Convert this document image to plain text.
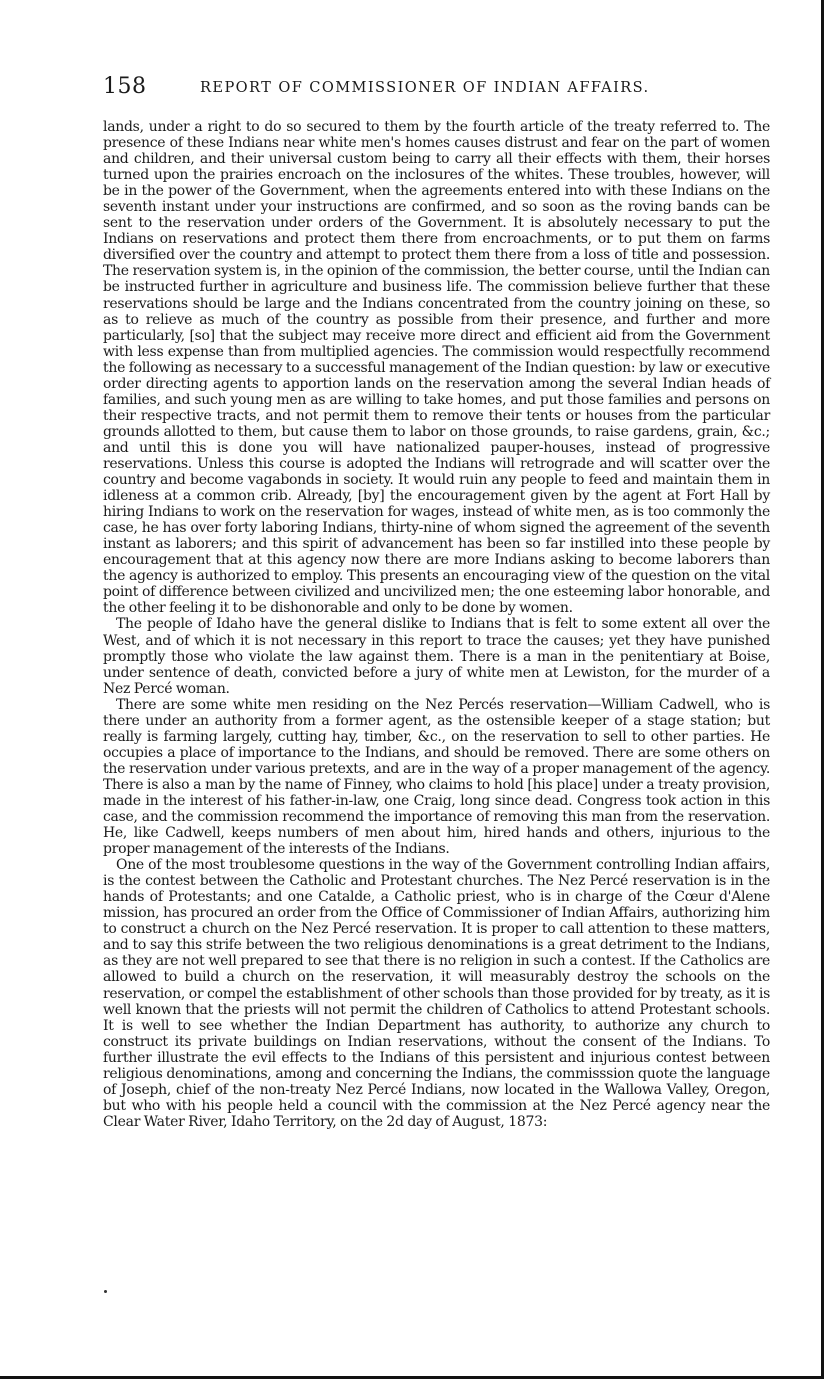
158	REPORT OF COMMISSIONER OF INDIAN AFFAIRS.

lands, under a right to do so secured to them by the fourth article of the treaty referred to. The presence of these Indians near white men's homes causes distrust and fear on the part of women and children, and their universal custom being to carry all their effects with them, their horses turned upon the prairies encroach on the inclosures of the whites. These troubles, however, will be in the power of the Government, when the agreements entered into with these Indians on the seventh instant under your instructions are confirmed, and so soon as the roving bands can be sent to the reservation under orders of the Government. It is absolutely necessary to put the Indians on reservations and protect them there from encroachments, or to put them on farms diversified over the country and attempt to protect them there from a loss of title and possession. The reservation system is, in the opinion of the commission, the better course, until the Indian can be instructed further in agriculture and business life. The commission believe further that these reservations should be large and the Indians concentrated from the country joining on these, so as to relieve as much of the country as possible from their presence, and further and more particularly, [so] that the subject may receive more direct and efficient aid from the Government with less expense than from multiplied agencies. The commission would respectfully recommend the following as necessary to a successful management of the Indian question: by law or executive order directing agents to apportion lands on the reservation among the several Indian heads of families, and such young men as are willing to take homes, and put those families and persons on their respective tracts, and not permit them to remove their tents or houses from the particular grounds allotted to them, but cause them to labor on those grounds, to raise gardens, grain, &c.; and until this is done you will have nationalized pauper-houses, instead of progressive reservations. Unless this course is adopted the Indians will retrograde and will scatter over the country and become vagabonds in society. It would ruin any people to feed and maintain them in idleness at a common crib. Already, [by] the encouragement given by the agent at Fort Hall by hiring Indians to work on the reservation for wages, instead of white men, as is too commonly the case, he has over forty laboring Indians, thirty-nine of whom signed the agreement of the seventh instant as laborers; and this spirit of advancement has been so far instilled into these people by encouragement that at this agency now there are more Indians asking to become laborers than the agency is authorized to employ. This presents an encouraging view of the question on the vital point of difference between civilized and uncivilized men; the one esteeming labor honorable, and the other feeling it to be dishonorable and only to be done by women.

The people of Idaho have the general dislike to Indians that is felt to some extent all over the West, and of which it is not necessary in this report to trace the causes; yet they have punished promptly those who violate the law against them. There is a man in the penitentiary at Boise, under sentence of death, convicted before a jury of white men at Lewiston, for the murder of a Nez Percé woman.

There are some white men residing on the Nez Percés reservation—William Cadwell, who is there under an authority from a former agent, as the ostensible keeper of a stage station; but really is farming largely, cutting hay, timber, &c., on the reservation to sell to other parties. He occupies a place of importance to the Indians, and should be removed. There are some others on the reservation under various pretexts, and are in the way of a proper management of the agency. There is also a man by the name of Finney, who claims to hold [his place] under a treaty provision, made in the interest of his father-in-law, one Craig, long since dead. Congress took action in this case, and the commission recommend the importance of removing this man from the reservation. He, like Cadwell, keeps numbers of men about him, hired hands and others, injurious to the proper management of the interests of the Indians.

One of the most troublesome questions in the way of the Government controlling Indian affairs, is the contest between the Catholic and Protestant churches. The Nez Percé reservation is in the hands of Protestants; and one Catalde, a Catholic priest, who is in charge of the Cœur d'Alene mission, has procured an order from the Office of Commissioner of Indian Affairs, authorizing him to construct a church on the Nez Percé reservation. It is proper to call attention to these matters, and to say this strife between the two religious denominations is a great detriment to the Indians, as they are not well prepared to see that there is no religion in such a contest. If the Catholics are allowed to build a church on the reservation, it will measurably destroy the schools on the reservation, or compel the establishment of other schools than those provided for by treaty, as it is well known that the priests will not permit the children of Catholics to attend Protestant schools. It is well to see whether the Indian Department has authority, to authorize any church to construct its private buildings on Indian reservations, without the consent of the Indians. To further illustrate the evil effects to the Indians of this persistent and injurious contest between religious denominations, among and concerning the Indians, the commisssion quote the language of Joseph, chief of the non-treaty Nez Percé Indians, now located in the Wallowa Valley, Oregon, but who with his people held a council with the commission at the Nez Percé agency near the Clear Water River, Idaho Territory, on the 2d day of August, 1873:
